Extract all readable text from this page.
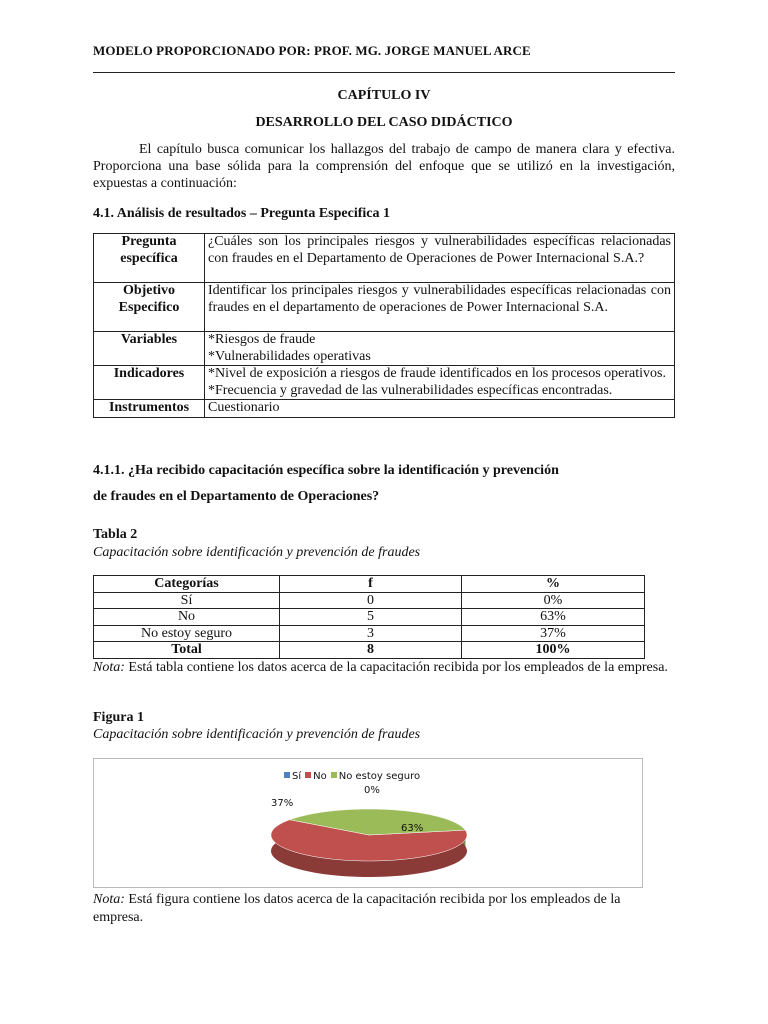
MODELO PROPORCIONADO POR: PROF. MG. JORGE MANUEL ARCE
CAPÍTULO IV
DESARROLLO DEL CASO DIDÁCTICO
El capítulo busca comunicar los hallazgos del trabajo de campo de manera clara y efectiva. Proporciona una base sólida para la comprensión del enfoque que se utilizó en la investigación, expuestas a continuación:
4.1. Análisis de resultados – Pregunta Especifica 1
Pregunta específica	¿Cuáles son los principales riesgos y vulnerabilidades específicas relacionadas con fraudes en el Departamento de Operaciones de Power Internacional S.A.?
Objetivo Especifico	Identificar los principales riesgos y vulnerabilidades específicas relacionadas con fraudes en el departamento de operaciones de Power Internacional S.A.
Variables	*Riesgos de fraude
*Vulnerabilidades operativas

Indicadores	*Nivel de exposición a riesgos de fraude identificados en los procesos operativos.
*Frecuencia y gravedad de las vulnerabilidades específicas encontradas.

Instrumentos	Cuestionario
4.1.1. ¿Ha recibido capacitación específica sobre la identificación y prevención
de fraudes en el Departamento de Operaciones?
Tabla 2
Capacitación sobre identificación y prevención de fraudes
Categorías	f	%
Sí	0	0%
No	5	63%
No estoy seguro	3	37%
Total	8	100%
Nota: Está tabla contiene los datos acerca de la capacitación recibida por los empleados de la empresa.
Figura 1
Capacitación sobre identificación y prevención de fraudes
Sí No No estoy seguro
0%
63%
37%
Nota: Está figura contiene los datos acerca de la capacitación recibida por los empleados de la empresa.
